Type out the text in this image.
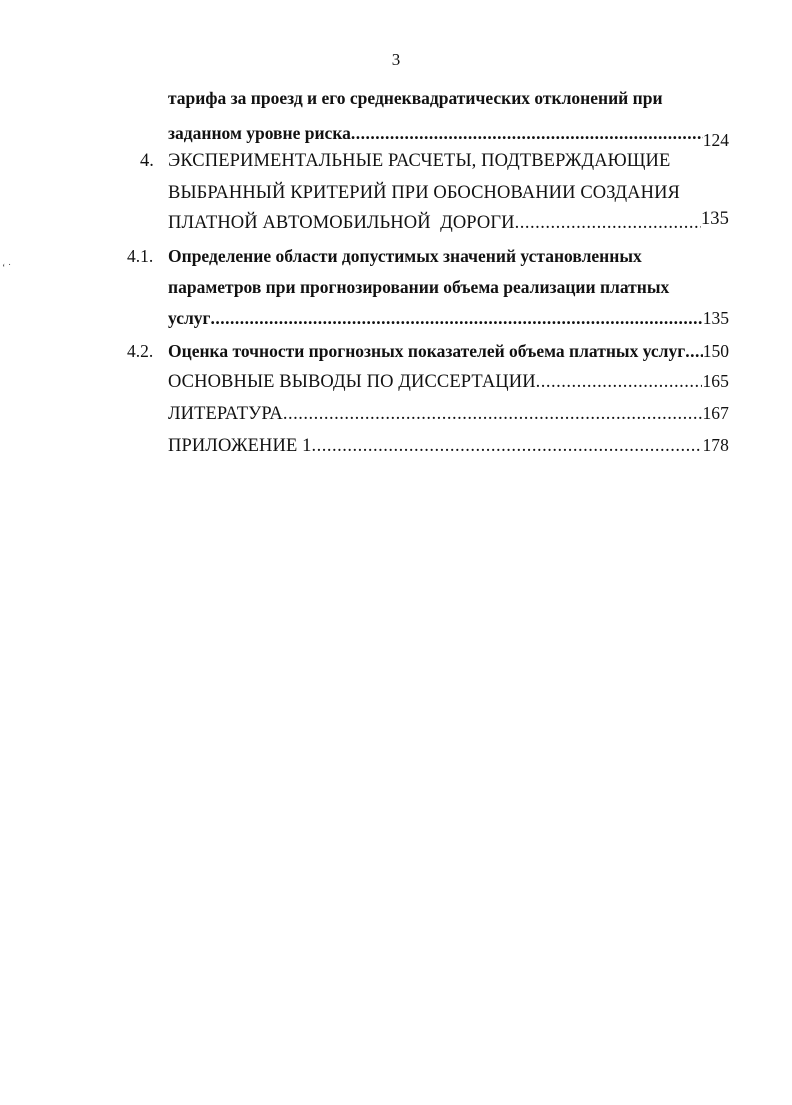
3
ʻ ˙
тарифа за проезд и его среднеквадратических отклонений при
заданном уровне риска .....	124
4. ЭКСПЕРИМЕНТАЛЬНЫЕ РАСЧЕТЫ, ПОДТВЕРЖДАЮЩИЕ
ВЫБРАННЫЙ КРИТЕРИЙ ПРИ ОБОСНОВАНИИ СОЗДАНИЯ
ПЛАТНОЙ АВТОМОБИЛЬНОЙ  ДОРОГИ .....	135
4.1. Определение области допустимых значений установленных
параметров при прогнозировании объема реализации платных
услуг .....	135
4.2. Оценка точности прогнозных показателей объема платных услуг ..... 150
ОСНОВНЫЕ ВЫВОДЫ ПО ДИССЕРТАЦИИ .....	165
ЛИТЕРАТУРА .....	167
ПРИЛОЖЕНИЕ 1 .....	178
